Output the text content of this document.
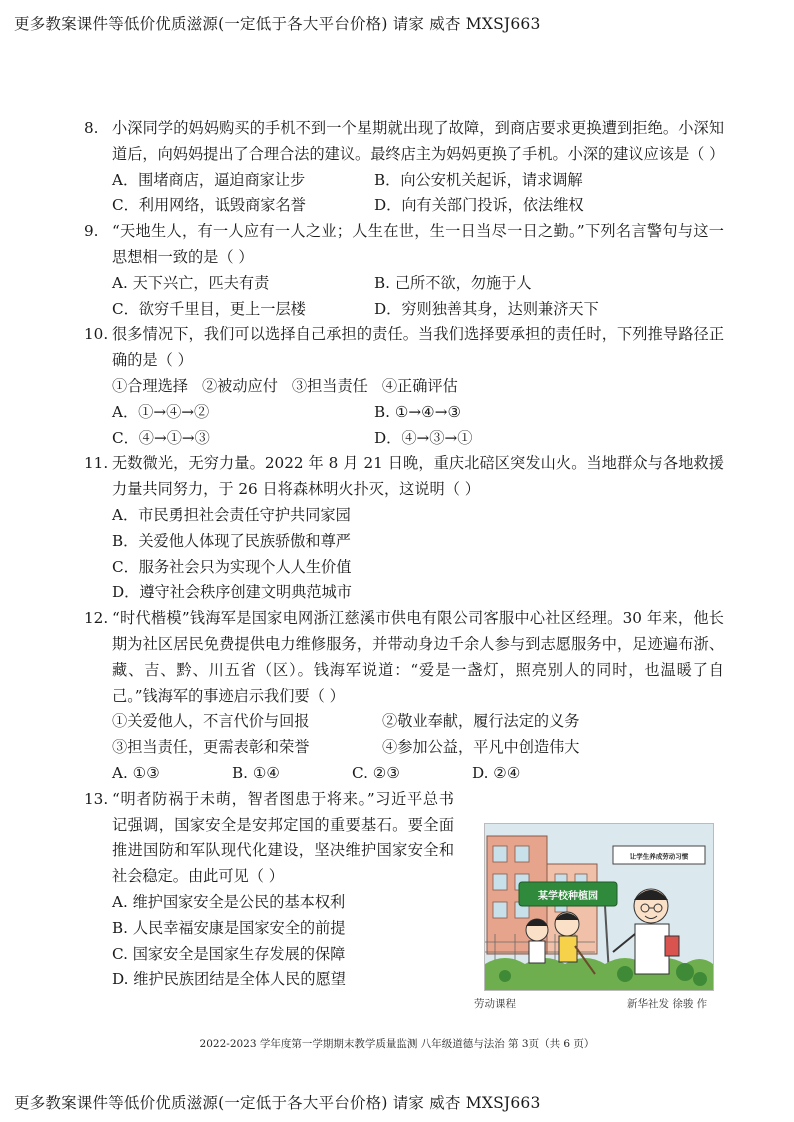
更多教案课件等低价优质滋源(一定低于各大平台价格) 请家 威杏 MXSJ663
8. 小深同学的妈妈购买的手机不到一个星期就出现了故障，到商店要求更换遭到拒绝。小深知道后，向妈妈提出了合理合法的建议。最终店主为妈妈更换了手机。小深的建议应该是（ ）
A．围堵商店，逼迫商家让步	B．向公安机关起诉，请求调解
C．利用网络，诋毁商家名誉	D．向有关部门投诉，依法维权
9. “天地生人，有一人应有一人之业；人生在世，生一日当尽一日之勤。”下列名言警句与这一思想相一致的是（ ）
A. 天下兴亡，匹夫有责	B. 己所不欲，勿施于人
C．欲穷千里目，更上一层楼	D．穷则独善其身，达则兼济天下
10. 很多情况下，我们可以选择自己承担的责任。当我们选择要承担的责任时，下列推导路径正确的是（ ）
①合理选择 ②被动应付 ③担当责任 ④正确评估
A．①→④→②	B. ①→④→③
C．④→①→③	D．④→③→①
11. 无数微光，无穷力量。2022 年 8 月 21 日晚，重庆北碚区突发山火。当地群众与各地救援力量共同努力，于 26 日将森林明火扑灭，这说明（ ）
A．市民勇担社会责任守护共同家园
B．关爱他人体现了民族骄傲和尊严
C．服务社会只为实现个人人生价值
D．遵守社会秩序创建文明典范城市
12. “时代楷模”钱海军是国家电网浙江慈溪市供电有限公司客服中心社区经理。30 年来，他长期为社区居民免费提供电力维修服务，并带动身边千余人参与到志愿服务中，足迹遍布浙、藏、吉、黔、川五省（区）。钱海军说道：“爱是一盏灯，照亮别人的同时，也温暖了自己。”钱海军的事迹启示我们要（ ）
①关爱他人，不言代价与回报	②敬业奉献，履行法定的义务
③担当责任，更需表彰和荣誉	④参加公益，平凡中创造伟大
A. ①③	B. ①④	C. ②③	D. ②④
13. “明者防祸于未萌，智者图患于将来。”习近平总书记强调，国家安全是安邦定国的重要基石。要全面推进国防和军队现代化建设，坚决维护国家安全和社会稳定。由此可见（ ）
A. 维护国家安全是公民的基本权利
B. 人民幸福安康是国家安全的前提
C. 国家安全是国家生存发展的保障
D. 维护民族团结是全体人民的愿望
让学生养成劳动习惯
某学校种植园
劳动课程	新华社发 徐骏 作
2022-2023 学年度第一学期期末教学质量监测 八年级道德与法治 第 3页（共 6 页）
更多教案课件等低价优质滋源(一定低于各大平台价格) 请家 威杏 MXSJ663
